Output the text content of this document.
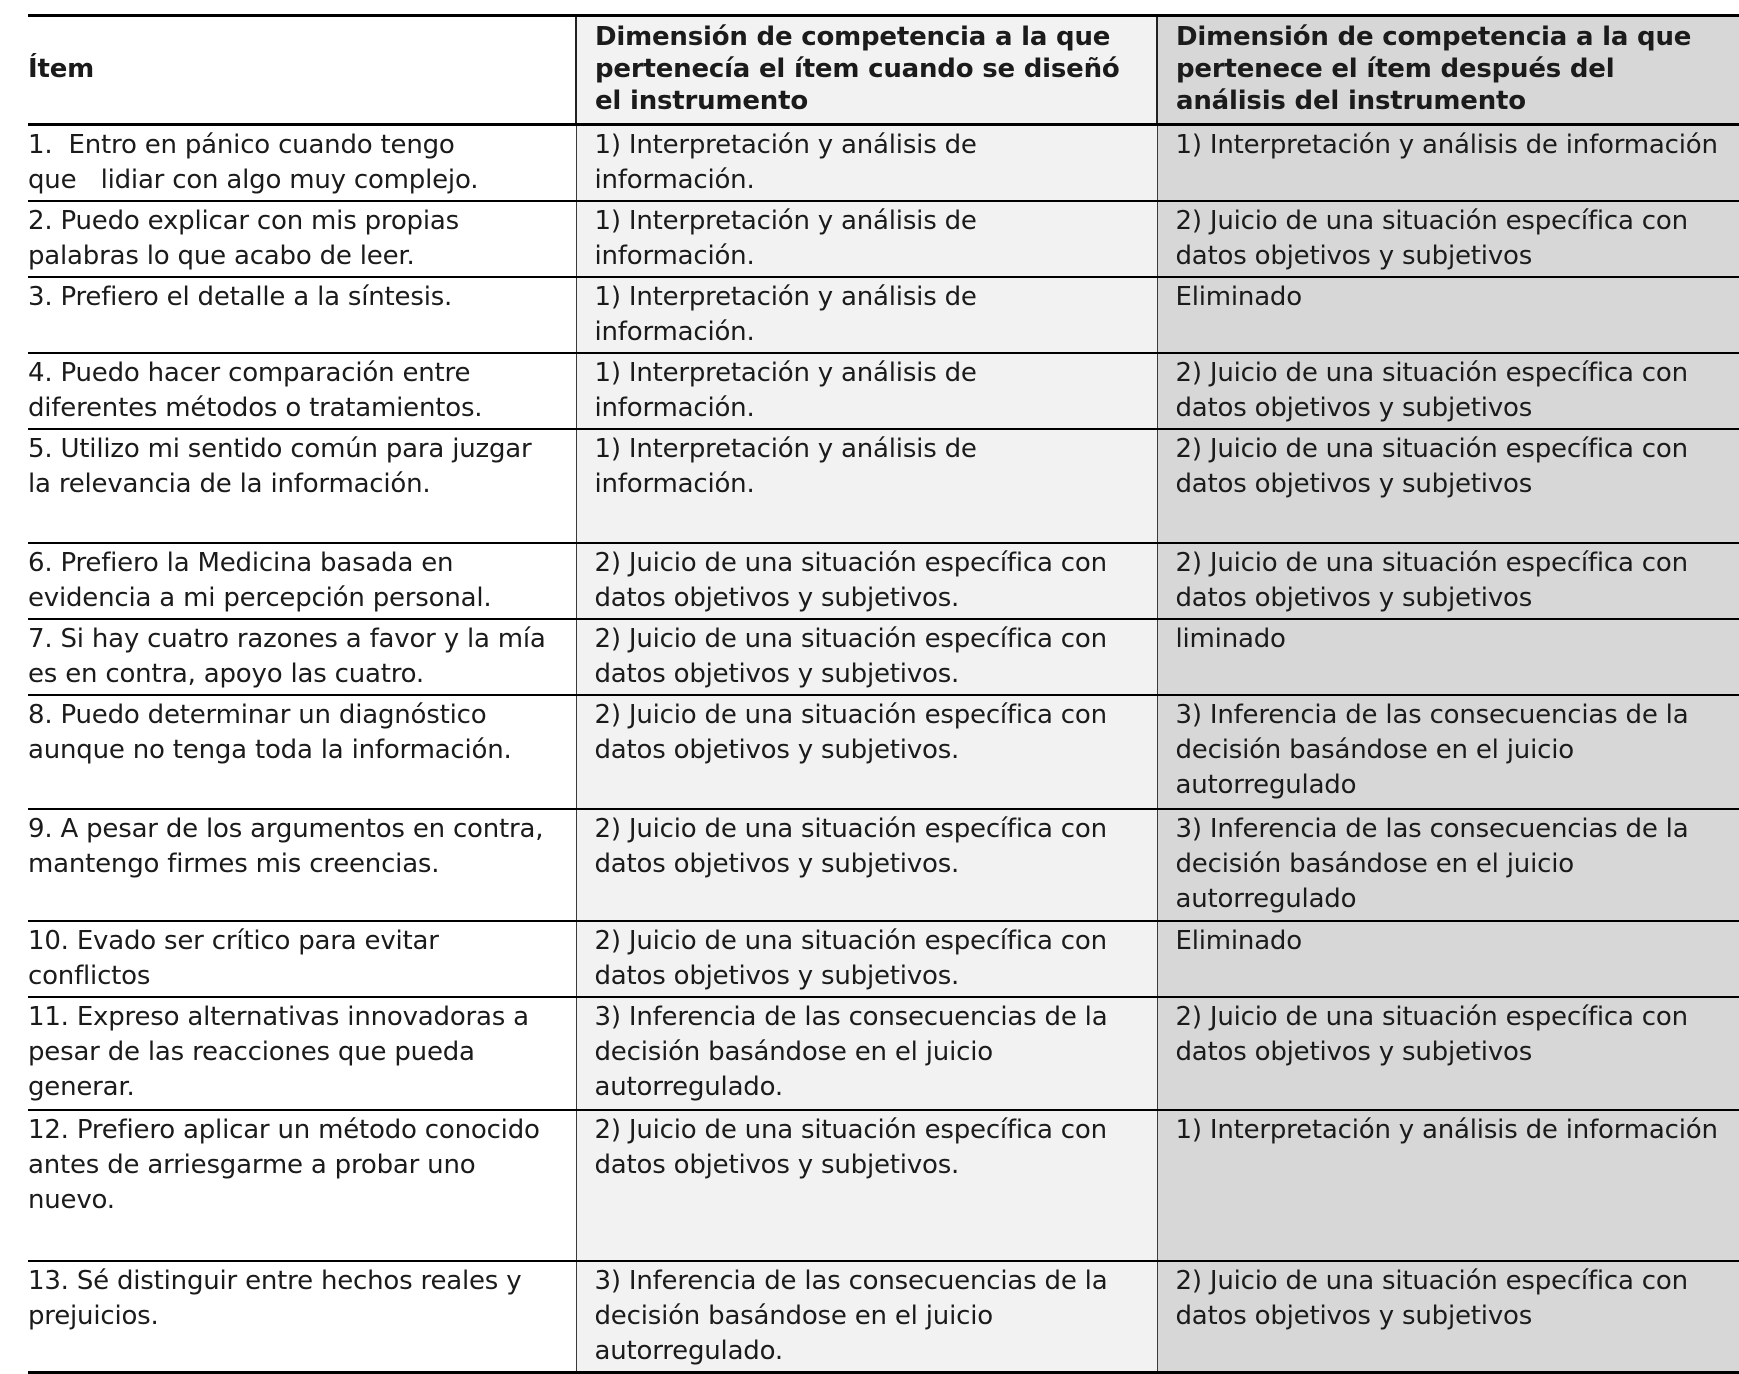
Ítem	Dimensión de competencia a la que pertenecía el ítem cuando se diseñó el instrumento	Dimensión de competencia a la que pertenece el ítem después del análisis del instrumento
1.  Entro en pánico cuando tengo que   lidiar con algo muy complejo.	1) Interpretación y análisis de información.	1) Interpretación y análisis de información
2. Puedo explicar con mis propias palabras lo que acabo de leer.	1) Interpretación y análisis de información.	2) Juicio de una situación específica con datos objetivos y subjetivos
3. Prefiero el detalle a la síntesis.	1) Interpretación y análisis de información.	Eliminado
4. Puedo hacer comparación entre diferentes métodos o tratamientos.	1) Interpretación y análisis de información.	2) Juicio de una situación específica con datos objetivos y subjetivos
5. Utilizo mi sentido común para juzgar la relevancia de la información.	1) Interpretación y análisis de información.	2) Juicio de una situación específica con datos objetivos y subjetivos
6. Prefiero la Medicina basada en evidencia a mi percepción personal.	2) Juicio de una situación específica con datos objetivos y subjetivos.	2) Juicio de una situación específica con datos objetivos y subjetivos
7. Si hay cuatro razones a favor y la mía es en contra, apoyo las cuatro.	2) Juicio de una situación específica con datos objetivos y subjetivos.	liminado
8. Puedo determinar un diagnóstico aunque no tenga toda la información.	2) Juicio de una situación específica con datos objetivos y subjetivos.	3) Inferencia de las consecuencias de la decisión basándose en el juicio autorregulado
9. A pesar de los argumentos en contra, mantengo firmes mis creencias.	2) Juicio de una situación específica con datos objetivos y subjetivos.	3) Inferencia de las consecuencias de la decisión basándose en el juicio autorregulado
10. Evado ser crítico para evitar conflictos	2) Juicio de una situación específica con datos objetivos y subjetivos.	Eliminado
11. Expreso alternativas innovadoras a pesar de las reacciones que pueda generar.	3) Inferencia de las consecuencias de la decisión basándose en el juicio autorregulado.	2) Juicio de una situación específica con datos objetivos y subjetivos
12. Prefiero aplicar un método conocido antes de arriesgarme a probar uno nuevo.	2) Juicio de una situación específica con datos objetivos y subjetivos.	1) Interpretación y análisis de información
13. Sé distinguir entre hechos reales y prejuicios.	3) Inferencia de las consecuencias de la decisión basándose en el juicio autorregulado.	2) Juicio de una situación específica con datos objetivos y subjetivos
